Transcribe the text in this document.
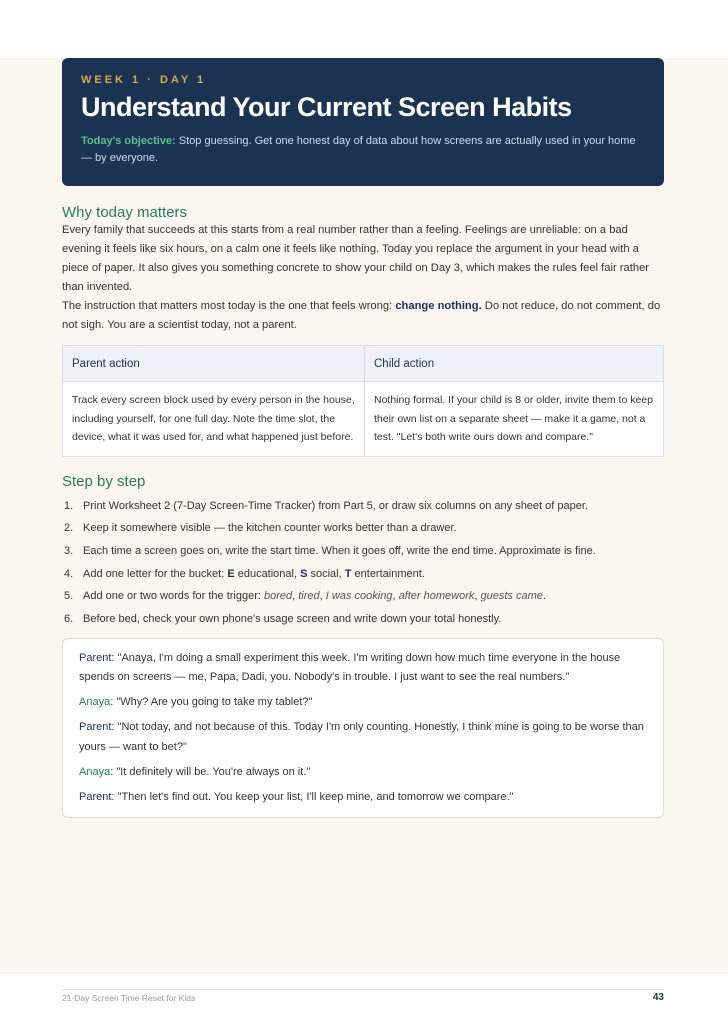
WEEK 1 · DAY 1
Understand Your Current Screen Habits
Today's objective: Stop guessing. Get one honest day of data about how screens are actually used in your home — by everyone.
Why today matters

Every family that succeeds at this starts from a real number rather than a feeling. Feelings are unreliable: on a bad evening it feels like six hours, on a calm one it feels like nothing. Today you replace the argument in your head with a piece of paper. It also gives you something concrete to show your child on Day 3, which makes the rules feel fair rather than invented.

The instruction that matters most today is the one that feels wrong: change nothing. Do not reduce, do not comment, do not sigh. You are a scientist today, not a parent.

Parent action	Child action
Track every screen block used by every person in the house, including yourself, for one full day. Note the time slot, the device, what it was used for, and what happened just before.	Nothing formal. If your child is 8 or older, invite them to keep their own list on a separate sheet — make it a game, not a test. "Let's both write ours down and compare."
Step by step
1. Print Worksheet 2 (7-Day Screen-Time Tracker) from Part 5, or draw six columns on any sheet of paper.
2. Keep it somewhere visible — the kitchen counter works better than a drawer.
3. Each time a screen goes on, write the start time. When it goes off, write the end time. Approximate is fine.
4. Add one letter for the bucket: E educational, S social, T entertainment.
5. Add one or two words for the trigger: bored, tired, I was cooking, after homework, guests came.
6. Before bed, check your own phone's usage screen and write down your total honestly.
Parent: "Anaya, I'm doing a small experiment this week. I'm writing down how much time everyone in the house spends on screens — me, Papa, Dadi, you. Nobody's in trouble. I just want to see the real numbers."
Anaya: "Why? Are you going to take my tablet?"
Parent: "Not today, and not because of this. Today I'm only counting. Honestly, I think mine is going to be worse than yours — want to bet?"
Anaya: "It definitely will be. You're always on it."
Parent: "Then let's find out. You keep your list, I'll keep mine, and tomorrow we compare."
21-Day Screen Time Reset for Kids	43
